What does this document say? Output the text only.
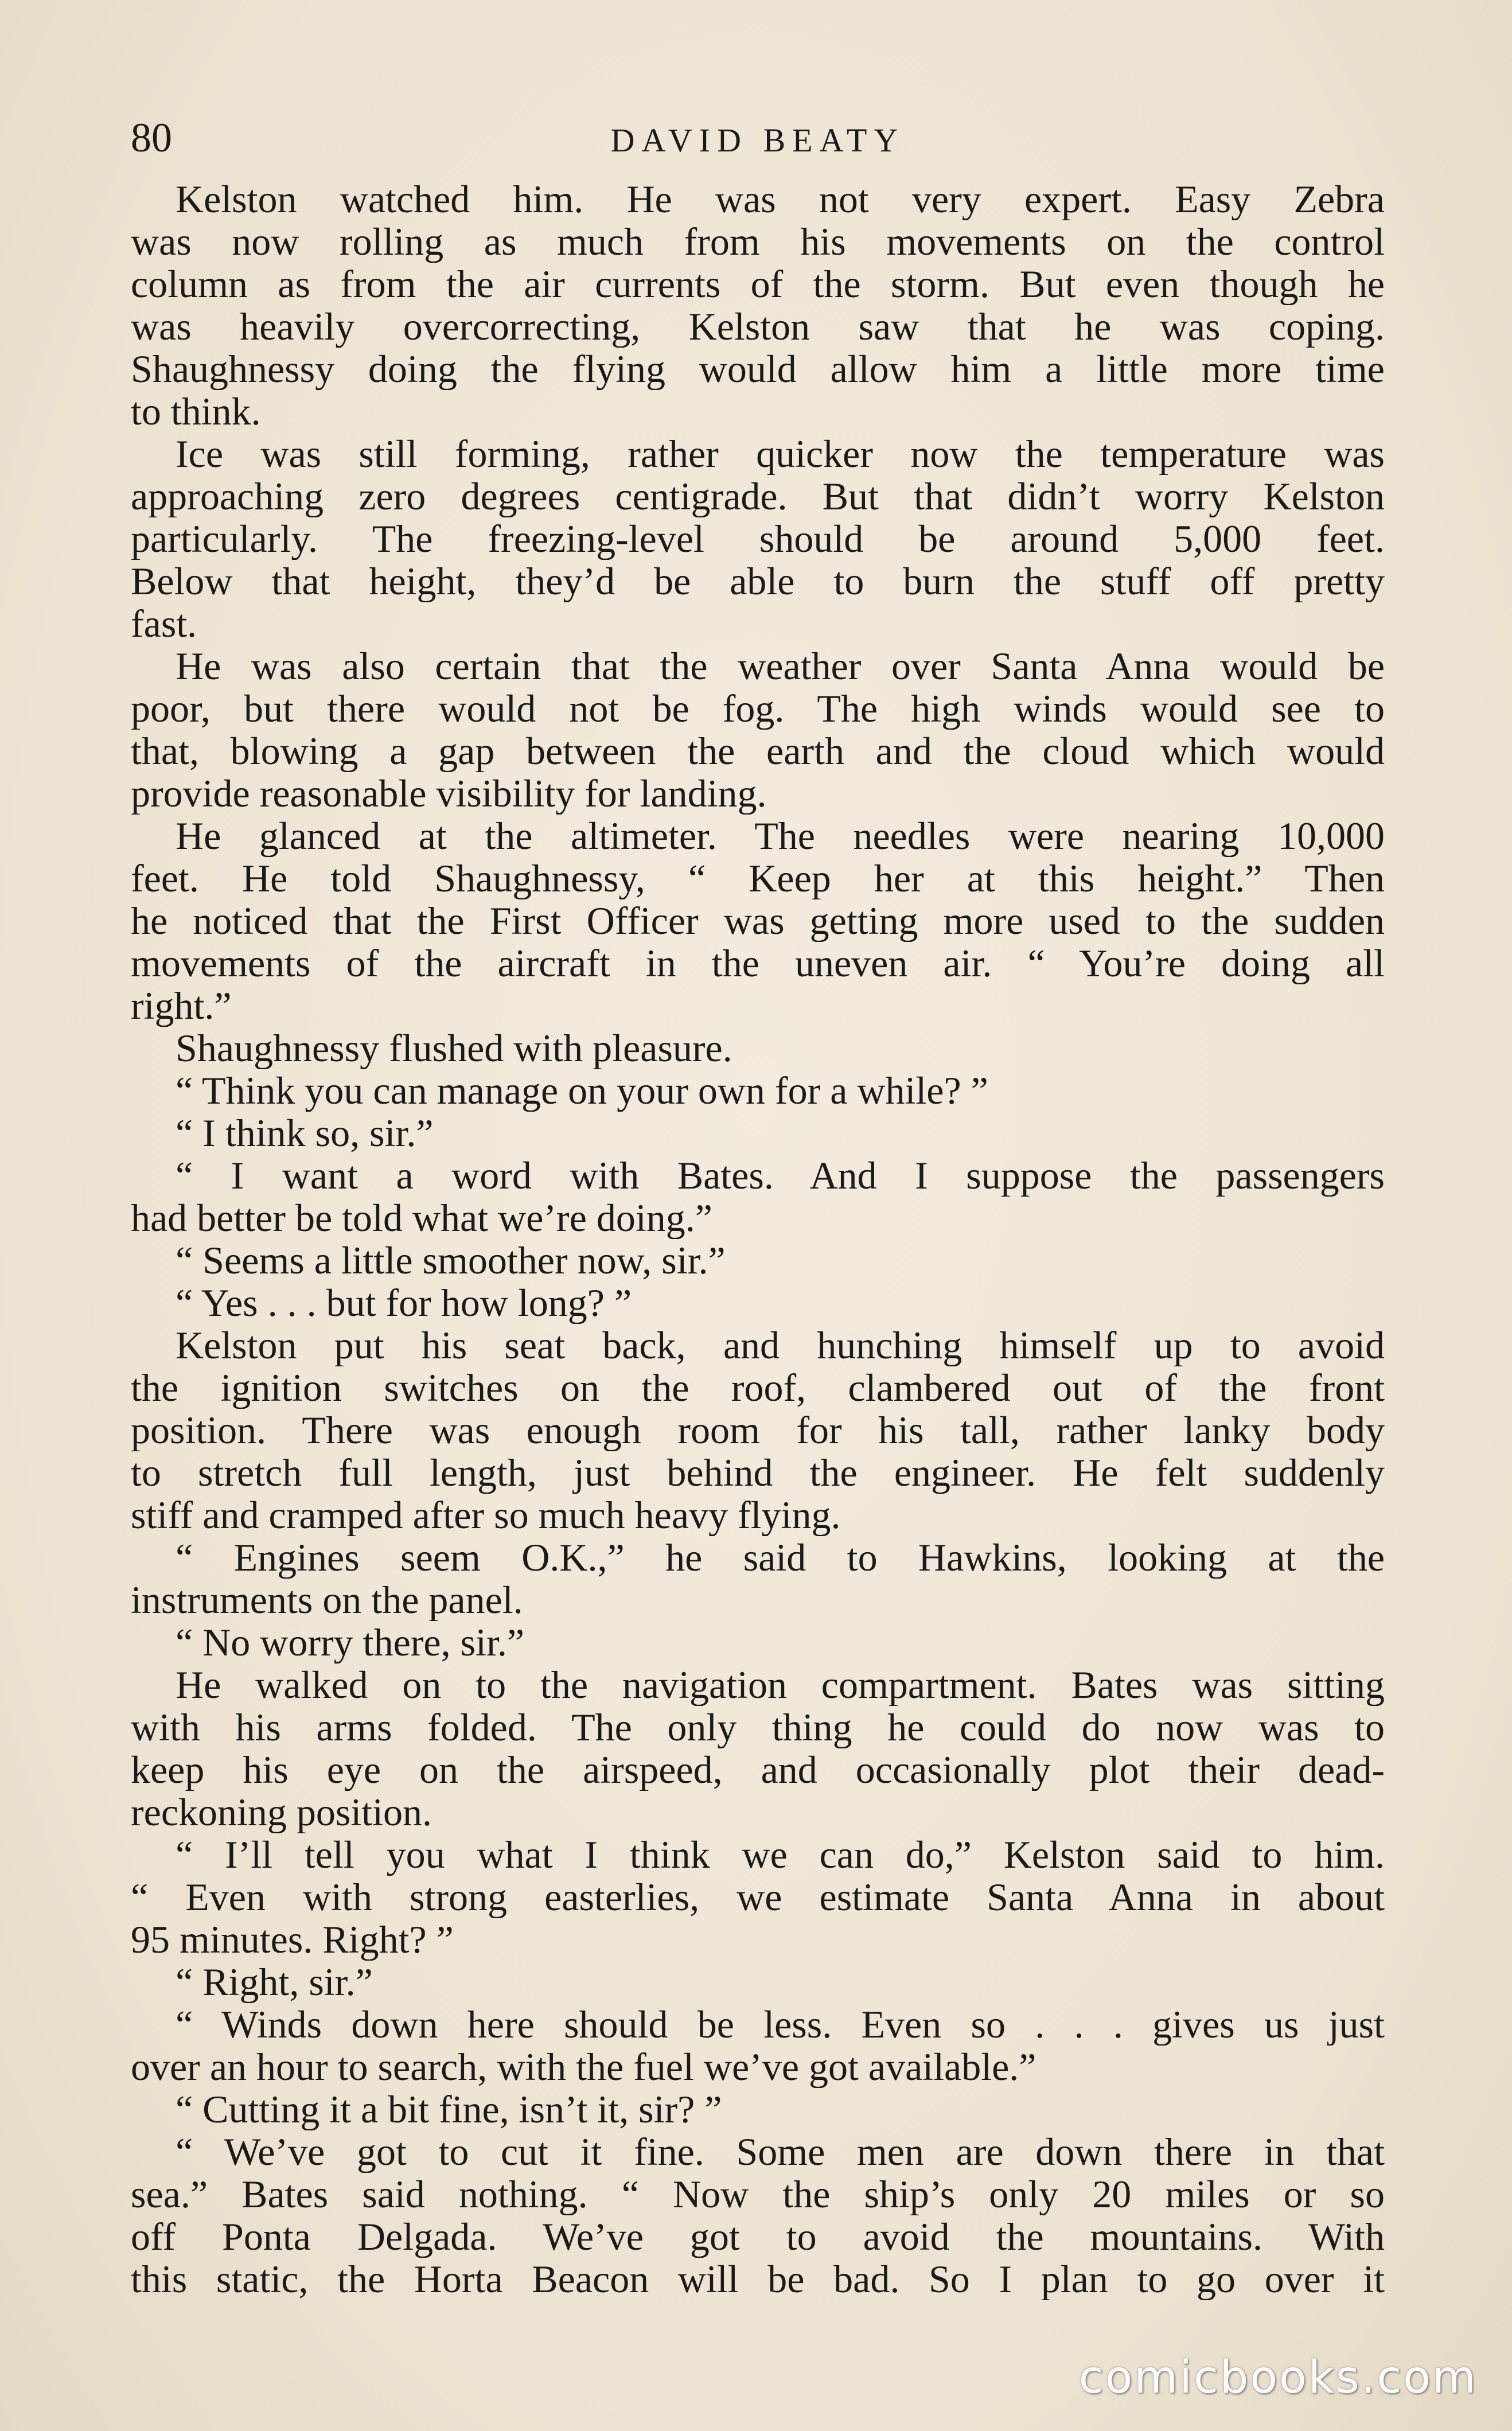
80	DAVID BEATY
Kelston watched him. He was not very expert. Easy Zebra
was now rolling as much from his movements on the control
column as from the air currents of the storm. But even though he
was heavily overcorrecting, Kelston saw that he was coping.
Shaughnessy doing the flying would allow him a little more time
to think.
Ice was still forming, rather quicker now the temperature was
approaching zero degrees centigrade. But that didn’t worry Kelston
particularly. The freezing-level should be around 5,000 feet.
Below that height, they’d be able to burn the stuff off pretty
fast.
He was also certain that the weather over Santa Anna would be
poor, but there would not be fog. The high winds would see to
that, blowing a gap between the earth and the cloud which would
provide reasonable visibility for landing.
He glanced at the altimeter. The needles were nearing 10,000
feet. He told Shaughnessy, “ Keep her at this height.” Then
he noticed that the First Officer was getting more used to the sudden
movements of the aircraft in the uneven air. “ You’re doing all
right.”
Shaughnessy flushed with pleasure.
“ Think you can manage on your own for a while? ”
“ I think so, sir.”
“ I want a word with Bates. And I suppose the passengers
had better be told what we’re doing.”
“ Seems a little smoother now, sir.”
“ Yes . . . but for how long? ”
Kelston put his seat back, and hunching himself up to avoid
the ignition switches on the roof, clambered out of the front
position. There was enough room for his tall, rather lanky body
to stretch full length, just behind the engineer. He felt suddenly
stiff and cramped after so much heavy flying.
“ Engines seem O.K.,” he said to Hawkins, looking at the
instruments on the panel.
“ No worry there, sir.”
He walked on to the navigation compartment. Bates was sitting
with his arms folded. The only thing he could do now was to
keep his eye on the airspeed, and occasionally plot their dead-
reckoning position.
“ I’ll tell you what I think we can do,” Kelston said to him.
“ Even with strong easterlies, we estimate Santa Anna in about
95 minutes. Right? ”
“ Right, sir.”
“ Winds down here should be less. Even so . . . gives us just
over an hour to search, with the fuel we’ve got available.”
“ Cutting it a bit fine, isn’t it, sir? ”
“ We’ve got to cut it fine. Some men are down there in that
sea.” Bates said nothing. “ Now the ship’s only 20 miles or so
off Ponta Delgada. We’ve got to avoid the mountains. With
this static, the Horta Beacon will be bad. So I plan to go over it
comicbooks.com
